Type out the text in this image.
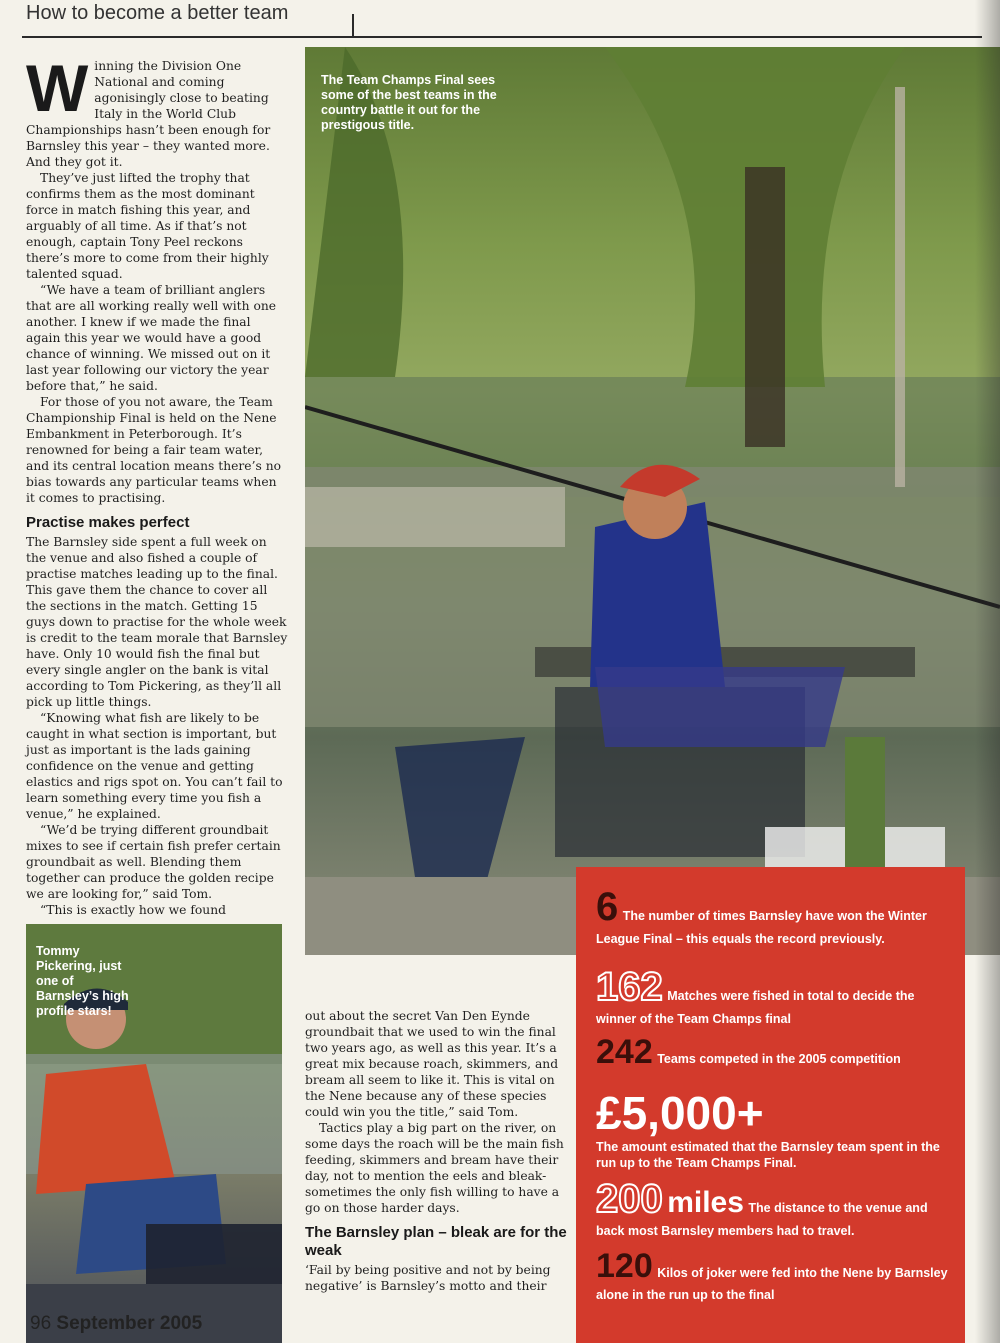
How to become a better team

Winning the Division One National and coming agonisingly close to beating Italy in the World Club Championships hasn’t been enough for Barnsley this year – they wanted more. And they got it.

They’ve just lifted the trophy that confirms them as the most dominant force in match fishing this year, and arguably of all time. As if that’s not enough, captain Tony Peel reckons there’s more to come from their highly talented squad.

“We have a team of brilliant anglers that are all working really well with one another. I knew if we made the final again this year we would have a good chance of winning. We missed out on it last year following our victory the year before that,” he said.

For those of you not aware, the Team Championship Final is held on the Nene Embankment in Peterborough. It’s renowned for being a fair team water, and its central location means there’s no bias towards any particular teams when it comes to practising.

Practise makes perfect

The Barnsley side spent a full week on the venue and also fished a couple of practise matches leading up to the final. This gave them the chance to cover all the sections in the match. Getting 15 guys down to practise for the whole week is credit to the team morale that Barnsley have. Only 10 would fish the final but every single angler on the bank is vital according to Tom Pickering, as they’ll all pick up little things.

“Knowing what fish are likely to be caught in what section is important, but just as important is the lads gaining confidence on the venue and getting elastics and rigs spot on. You can’t fail to learn something every time you fish a venue,” he explained.

“We’d be trying different groundbait mixes to see if certain fish prefer certain groundbait as well. Blending them together can produce the golden recipe we are looking for,” said Tom.

“This is exactly how we found

The Team Champs Final sees some of the best teams in the country battle it out for the prestigous title.
Tommy Pickering, just one of Barnsley’s high profile stars!	out about the secret Van Den Eynde groundbait that we used to win the final two years ago, as well as this year. It’s a great mix because roach, skimmers, and bream all seem to like it. This is vital on the Nene because any of these species could win you the title,” said Tom.

Tactics play a big part on the river, on some days the roach will be the main fish feeding, skimmers and bream have their day, not to mention the eels and bleak-sometimes the only fish willing to have a go on those harder days.

The Barnsley plan – bleak are for the weak

‘Fail by being positive and not by being negative’ is Barnsley’s motto and their

6 The number of times Barnsley have won the Winter League Final – this equals the record previously.
162 Matches were fished in total to decide the winner of the Team Champs final
242 Teams competed in the 2005 competition
£5,000+
The amount estimated that the Barnsley team spent in the run up to the Team Champs Final.
200 miles The distance to the venue and back most Barnsley members had to travel.
120 Kilos of joker were fed into the Nene by Barnsley alone in the run up to the final
96 September 2005
